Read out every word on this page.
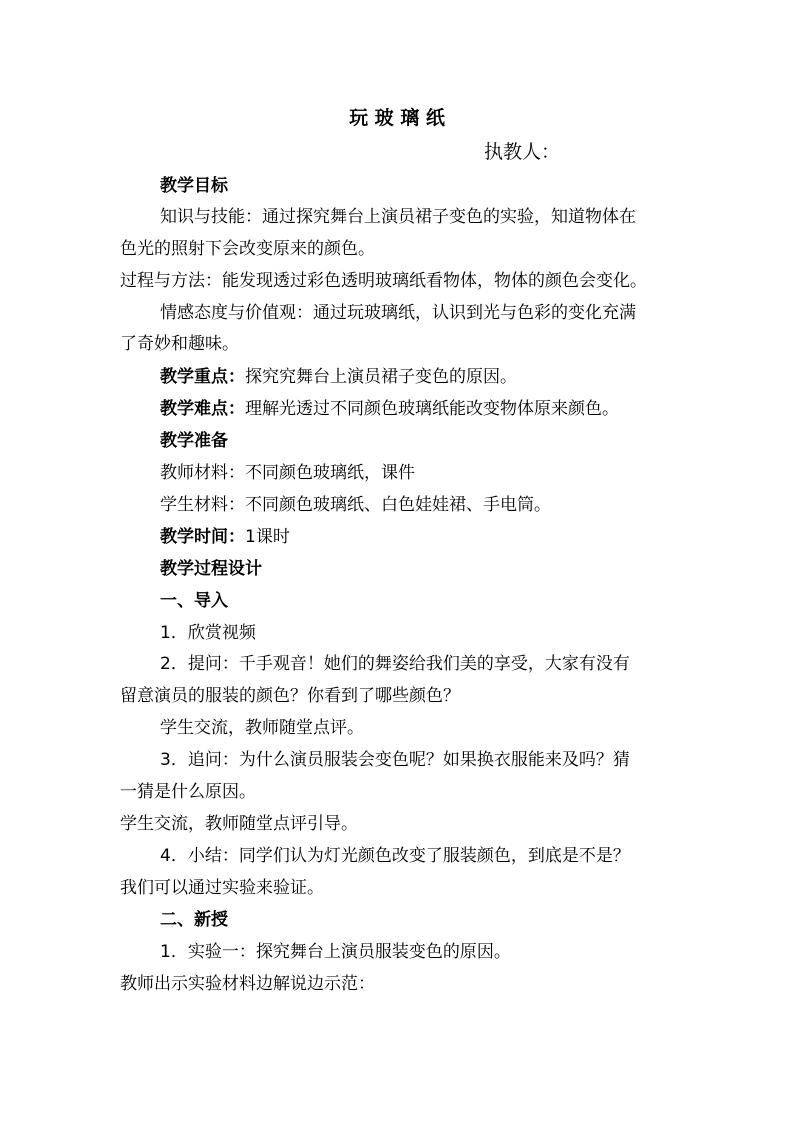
玩 玻 璃 纸
执教人：
教学目标
知识与技能：通过探究舞台上演员裙子变色的实验，知道物体在
色光的照射下会改变原来的颜色。
过程与方法：能发现透过彩色透明玻璃纸看物体，物体的颜色会变化。
情感态度与价值观：通过玩玻璃纸，认识到光与色彩的变化充满
了奇妙和趣味。
教学重点：探究究舞台上演员裙子变色的原因。
教学难点：理解光透过不同颜色玻璃纸能改变物体原来颜色。
教学准备
教师材料：不同颜色玻璃纸，课件
学生材料：不同颜色玻璃纸、白色娃娃裙、手电筒。
教学时间：1课时
教学过程设计
一、导入
1．欣赏视频
2．提问：千手观音！她们的舞姿给我们美的享受，大家有没有
留意演员的服装的颜色？你看到了哪些颜色？
学生交流，教师随堂点评。
3．追问：为什么演员服装会变色呢？如果换衣服能来及吗？猜
一猜是什么原因。
学生交流，教师随堂点评引导。
4．小结：同学们认为灯光颜色改变了服装颜色，到底是不是？
我们可以通过实验来验证。
二、新授
1．实验一：探究舞台上演员服装变色的原因。
教师出示实验材料边解说边示范：
